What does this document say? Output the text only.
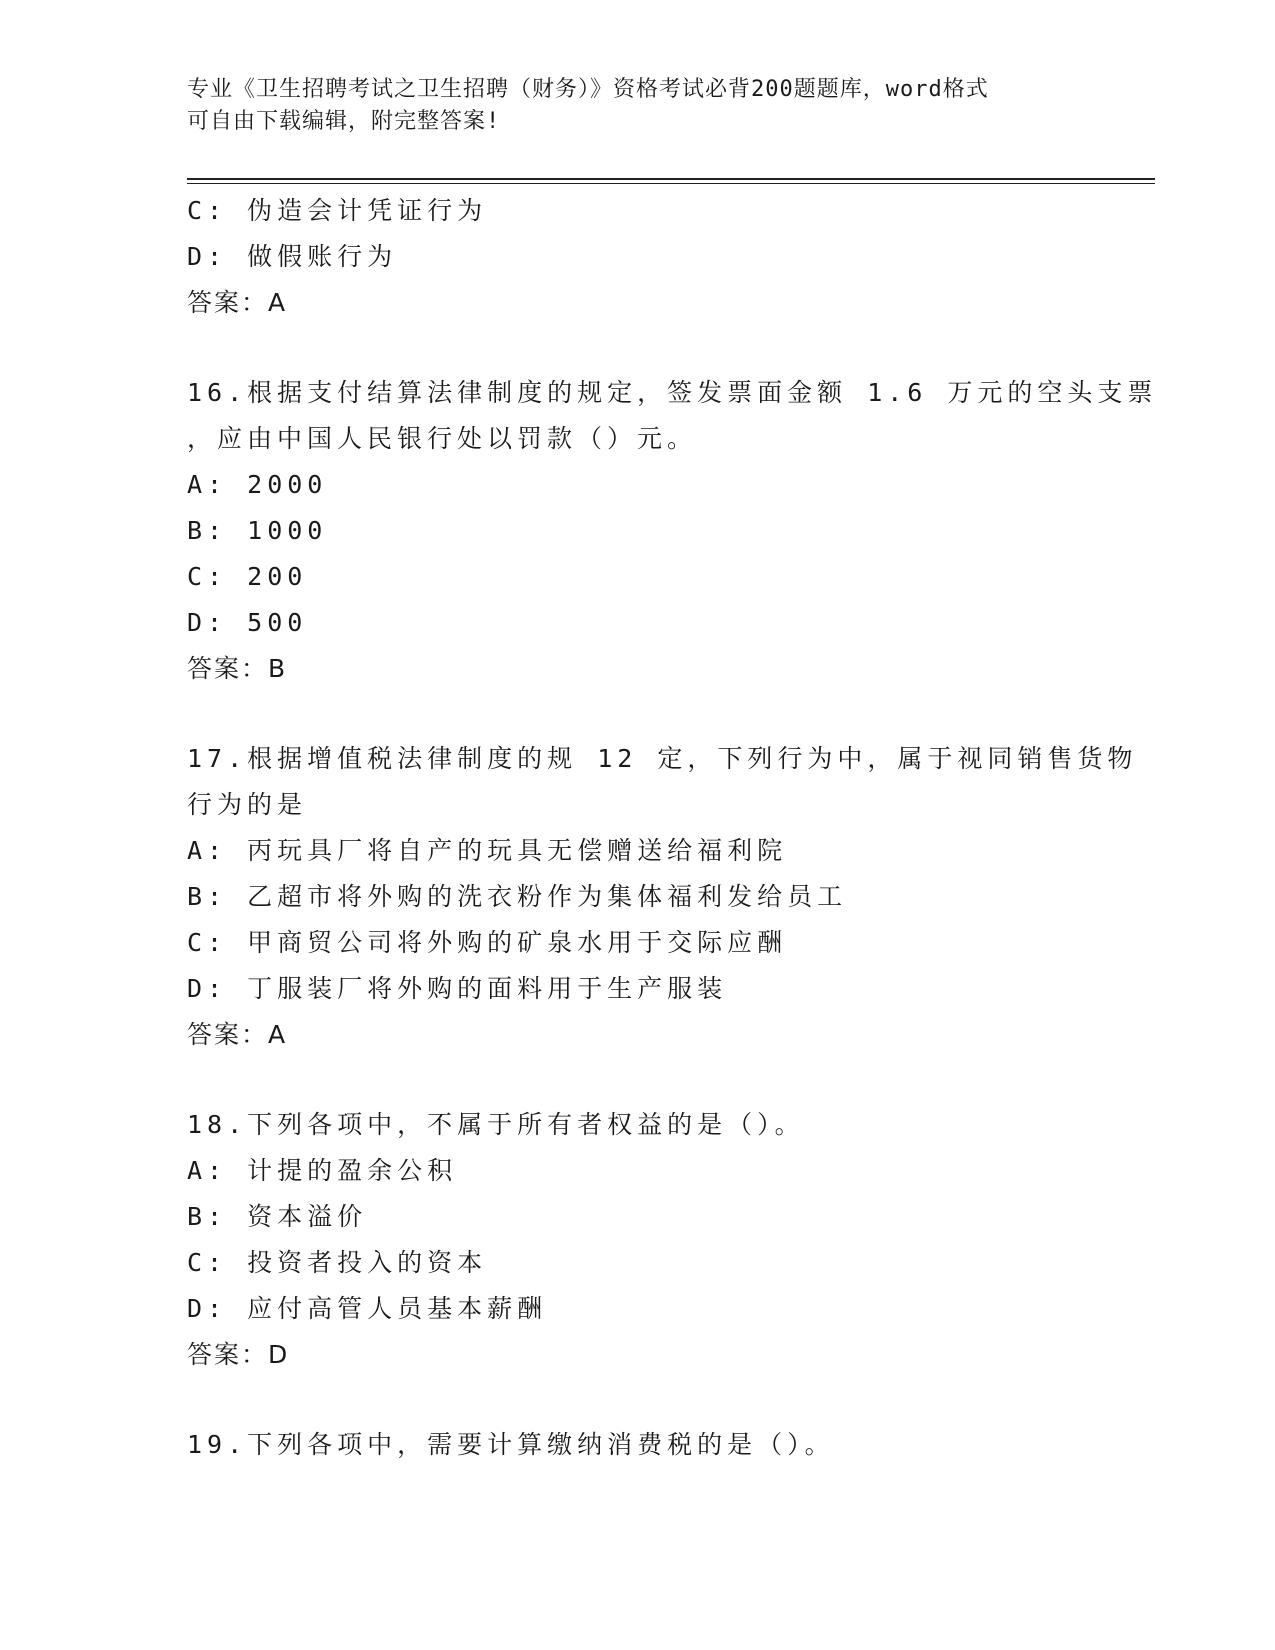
专业《卫生招聘考试之卫生招聘（财务）》资格考试必背200题题库，word格式
可自由下载编辑，附完整答案!
C: 伪造会计凭证行为
D: 做假账行为
答案：A
16.根据支付结算法律制度的规定，签发票面金额 1.6 万元的空头支票
，应由中国人民银行处以罚款（）元。
A: 2000
B: 1000
C: 200
D: 500
答案：B
17.根据增值税法律制度的规 12 定，下列行为中，属于视同销售货物
行为的是
A: 丙玩具厂将自产的玩具无偿赠送给福利院
B: 乙超市将外购的洗衣粉作为集体福利发给员工
C: 甲商贸公司将外购的矿泉水用于交际应酬
D: 丁服装厂将外购的面料用于生产服装
答案：A
18.下列各项中，不属于所有者权益的是（）。
A: 计提的盈余公积
B: 资本溢价
C: 投资者投入的资本
D: 应付高管人员基本薪酬
答案：D
19.下列各项中，需要计算缴纳消费税的是（）。
